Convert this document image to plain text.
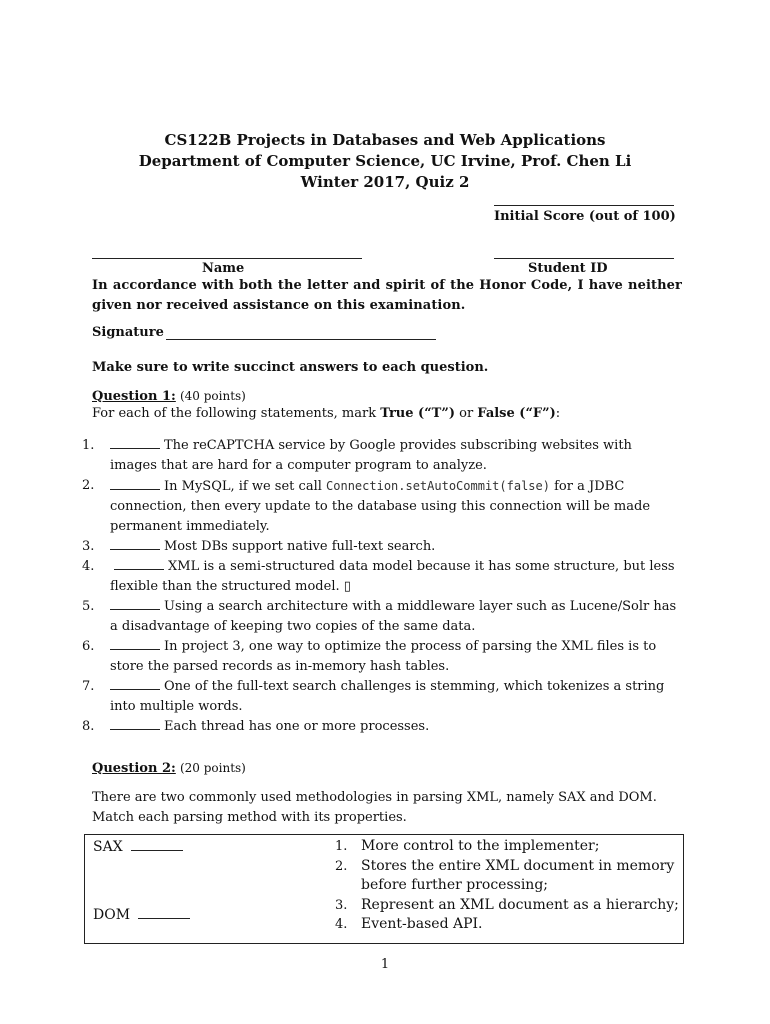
CS122B Projects in Databases and Web Applications
Department of Computer Science, UC Irvine, Prof. Chen Li
Winter 2017, Quiz 2
Initial Score (out of 100)
Name	Student ID
In accordance with both the letter and spirit of the Honor Code, I have neither given nor received assistance on this examination.
Signature
Make sure to write succinct answers to each question.
Question 1: (40 points)
For each of the following statements, mark True (“T”) or False (“F”):
1.	The reCAPTCHA service by Google provides subscribing websites with images that are hard for a computer program to analyze.
2.	In MySQL, if we set call Connection.setAutoCommit(false) for a JDBC connection, then every update to the database using this connection will be made permanent immediately.
3.	Most DBs support native full-text search.
4.	XML is a semi-structured data model because it has some structure, but less flexible than the structured model. ▯
5.	Using a search architecture with a middleware layer such as Lucene/Solr has a disadvantage of keeping two copies of the same data.
6.	In project 3, one way to optimize the process of parsing the XML files is to store the parsed records as in-memory hash tables.
7.	One of the full-text search challenges is stemming, which tokenizes a string into multiple words.
8.	Each thread has one or more processes.
Question 2: (20 points)
There are two commonly used methodologies in parsing XML, namely SAX and DOM. Match each parsing method with its properties.
SAX
DOM
1. More control to the implementer;
2. Stores the entire XML document in memory before further processing;
3. Represent an XML document as a hierarchy;
4. Event-based API.
1
